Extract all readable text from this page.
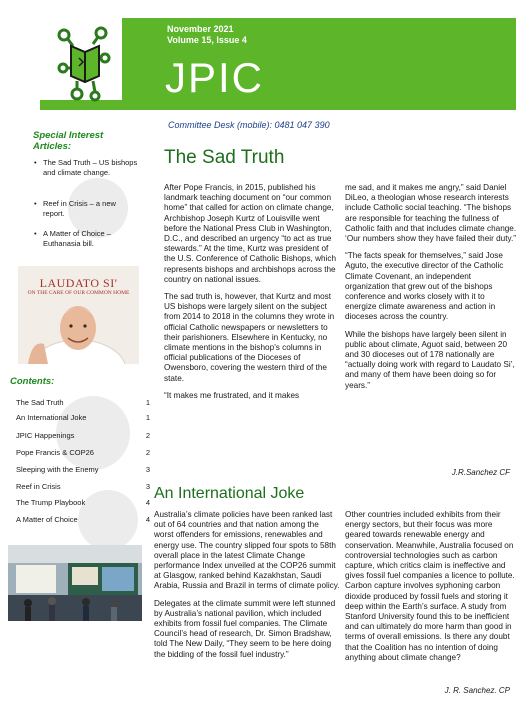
November 2021
Volume 15, Issue 4
JPIC
Committee Desk (mobile): 0481 047 390
Special Interest Articles:
• The Sad Truth – US bishops and climate change.
• Reef in Crisis – a new report.
• A Matter of Choice – Euthanasia bill.
LAUDATO SI'
ON THE CARE OF OUR COMMON HOME
Contents:
The Sad Truth	1
An International Joke	1
JPIC Happenings	2
Pope Francis & COP26	2
Sleeping with the Enemy	3
Reef in Crisis	3
The Trump Playbook	4
A Matter of Choice	4
The Sad Truth

After Pope Francis, in 2015, published his landmark teaching document on “our common home” that called for action on climate change, Archbishop Joseph Kurtz of Louisville went before the National Press Club in Washington, D.C., and described an urgency “to act as true stewards.” At the time, Kurtz was president of the U.S. Conference of Catholic Bishops, which represents bishops and archbishops across the country on national issues.

The sad truth is, however, that Kurtz and most US bishops were largely silent on the subject from 2014 to 2018 in the columns they wrote in official Catholic newspapers or newsletters to their parishioners. Elsewhere in Kentucky, no climate mentions in the bishop’s columns in official publications of the Dioceses of Owensboro, covering the western third of the state.

“It makes me frustrated, and it makes

me sad, and it makes me angry,” said Daniel DiLeo, a theologian whose research interests include Catholic social teaching. “The bishops are responsible for teaching the fullness of Catholic faith and that includes climate change. ‘Our numbers show they have failed their duty.”

“The facts speak for themselves,” said Jose Aguto, the executive director of the Catholic Climate Covenant, an independent organization that grew out of the bishops conference and works closely with it to energize climate awareness and action in dioceses across the country.

While the bishops have largely been silent in public about climate, Aguot said, between 20 and 30 dioceses out of 178 nationally are “actually doing work with regard to Laudato Si’, and many of them have been doing so for years.”

J.R.Sanchez CF
An International Joke

Australia’s climate policies have been ranked last out of 64 countries and that nation among the worst offenders for emissions, renewables and energy use. The country slipped four spots to 58th overall place in the latest Climate Change performance Index unveiled at the COP26 summit at Glasgow, ranked behind Kazakhstan, Saudi Arabia, Russia and Brazil in terms of climate policy.

Delegates at the climate summit were left stunned by Australia’s national pavilion, which included exhibits from fossil fuel companies. The Climate Council’s head of research, Dr. Simon Bradshaw, told The New Daily, “They seem to be here doing the bidding of the fossil fuel industry.”

Other countries included exhibits from their energy sectors, but their focus was more geared towards renewable energy and conservation. Meanwhile, Australia focused on controversial technologies such as carbon capture, which critics claim is ineffective and gives fossil fuel companies a licence to pollute. Carbon capture involves syphoning carbon dioxide produced by fossil fuels and storing it deep within the Earth’s surface. A study from Stanford University found this to be inefficient and can ultimately do more harm than good in terms of overall emissions. Is there any doubt that the Coalition has no intention of doing anything about climate change?

J. R. Sanchez. CP
